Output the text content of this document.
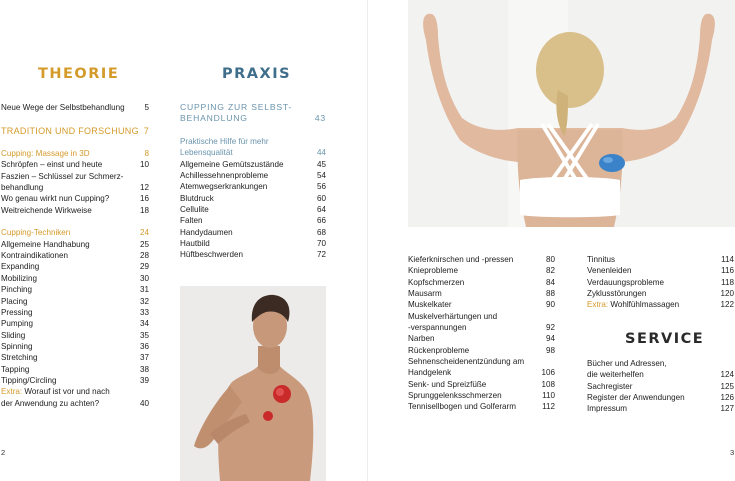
THEORIE	PRAXIS
Neue Wege der Selbstbehandlung	5
TRADITION UND FORSCHUNG 7
Cupping: Massage in 3D	8
Schröpfen – einst und heute	10
Faszien – Schlüssel zur Schmerz-
behandlung	12
Wo genau wirkt nun Cupping?	16
Weitreichende Wirkweise	18
Cupping-Techniken	24
Allgemeine Handhabung	25
Kontraindikationen	28
Expanding	29
Mobilizing	30
Pinching	31
Placing	32
Pressing	33
Pumping	34
Sliding	35
Spinning	36
Stretching	37
Tapping	38
Tipping/Circling	39
Extra: Worauf ist vor und nach
der Anwendung zu achten?	40
CUPPING ZUR SELBST-
BEHANDLUNG	43
Praktische Hilfe für mehr
Lebensqualität	44
Allgemeine Gemütszustände	45
Achillessehnenprobleme	54
Atemwegserkrankungen	56
Blutdruck	60
Cellulite	64
Falten	66
Handydaumen	68
Hautbild	70
Hüftbeschwerden	72
2
Kieferknirschen und -pressen	80
Knieprobleme	82
Kopfschmerzen	84
Mausarm	88
Muskelkater	90
Muskelverhärtungen und
-verspannungen	92
Narben	94
Rückenprobleme	98
Sehnenscheidenentzündung am
Handgelenk	106
Senk- und Spreizfüße	108
Sprunggelenksschmerzen	110
Tennisellbogen und Golferarm	112
Tinnitus	114
Venenleiden	116
Verdauungsprobleme	118
Zyklusstörungen	120
Extra: Wohlfühlmassagen	122
SERVICE
Bücher und Adressen,
die weiterhelfen	124
Sachregister	125
Register der Anwendungen	126
Impressum	127
3
